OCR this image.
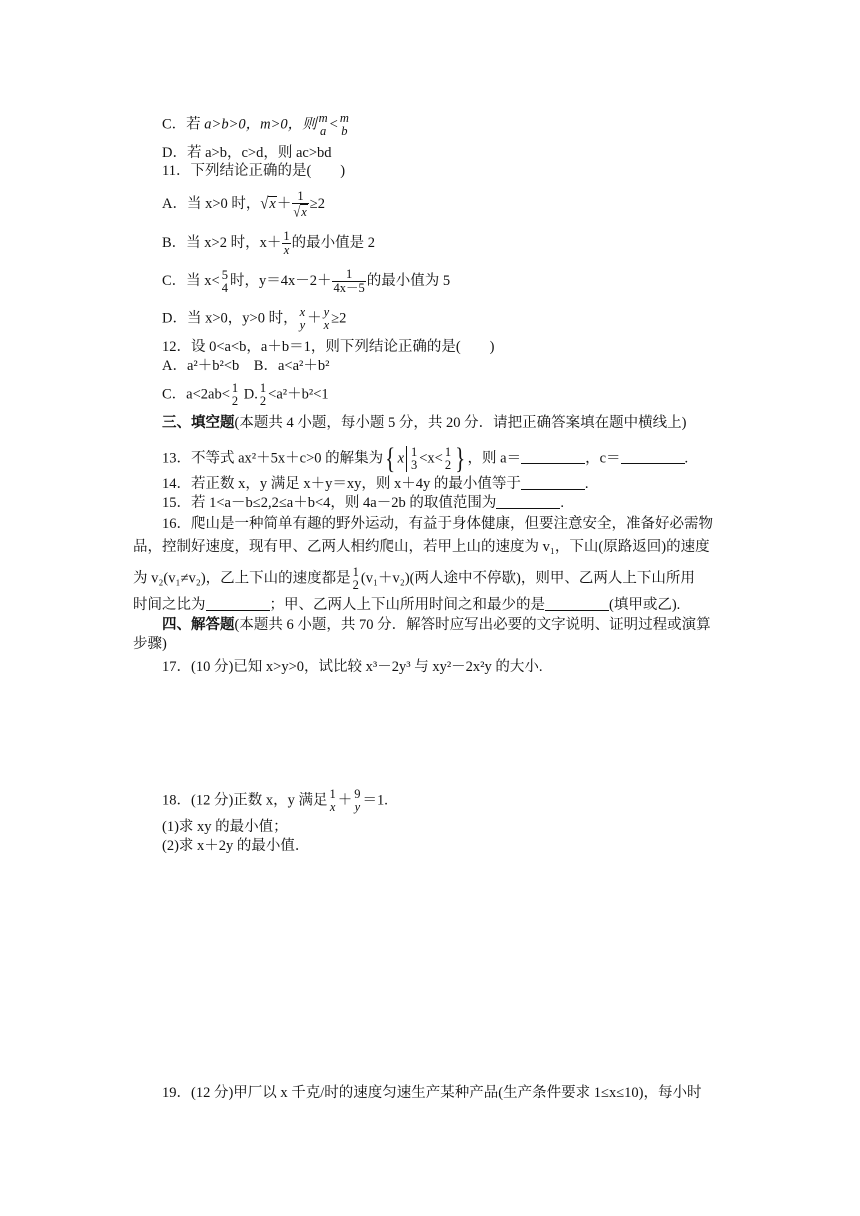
C．若 a>b>0，m>0，则 m
a < m
b
D．若 a>b，c>d，则 ac>bd
11．下列结论正确的是(　　)
A．当 x>0 时，$√x+ \frac{1}{√x} \ge 2$
B．当 x>2 时，$x+ \frac{1}{x}$ 的最小值是 2
C．当 x< 5
4 时，$y=4x-2+ \frac{1}{4x-5}$ 的最小值为 5
D．当 x>0，y>0 时， x
y ＋ y
x ≥2
12．设 0<a<b，a＋b＝1，则下列结论正确的是(　　)
A．a²＋b²<b　B．a<a²＋b²
C．a<2ab< 1
2 D. 1
2 <a²＋b²<1
三、填空题(本题共 4 小题，每小题 5 分，共 20 分．请把正确答案填在题中横线上)
13．不等式 ax²＋5x＋c>0 的解集为{ x 1
3 <x< 1
2 } ，则 a＝	，c＝	.
14．若正数 x，y 满足 x＋y＝xy，则 x＋4y 的最小值等于	.
15．若 1<a－b≤2,2≤a＋b<4，则 4a－2b 的取值范围为	.
16．爬山是一种简单有趣的野外运动，有益于身体健康，但要注意安全，准备好必需物
品，控制好速度，现有甲、乙两人相约爬山，若甲上山的速度为 v₁，下山(原路返回)的速度
为 v₂(v₁≠v₂)，乙上下山的速度都是 1
2 (v₁＋v₂)(两人途中不停歇)，则甲、乙两人上下山所用
时间之比为	；甲、乙两人上下山所用时间之和最少的是	(填甲或乙).
四、解答题(本题共 6 小题，共 70 分．解答时应写出必要的文字说明、证明过程或演算
步骤)
17．(10 分)已知 x>y>0，试比较 x³－2y³ 与 xy²－2x²y 的大小.
18．(12 分)正数 x，y 满足 1
x ＋ 9
y ＝1.
(1)求 xy 的最小值；
(2)求 x＋2y 的最小值．
19．(12 分)甲厂以 x 千克/时的速度匀速生产某种产品(生产条件要求 1≤x≤10)，每小时
